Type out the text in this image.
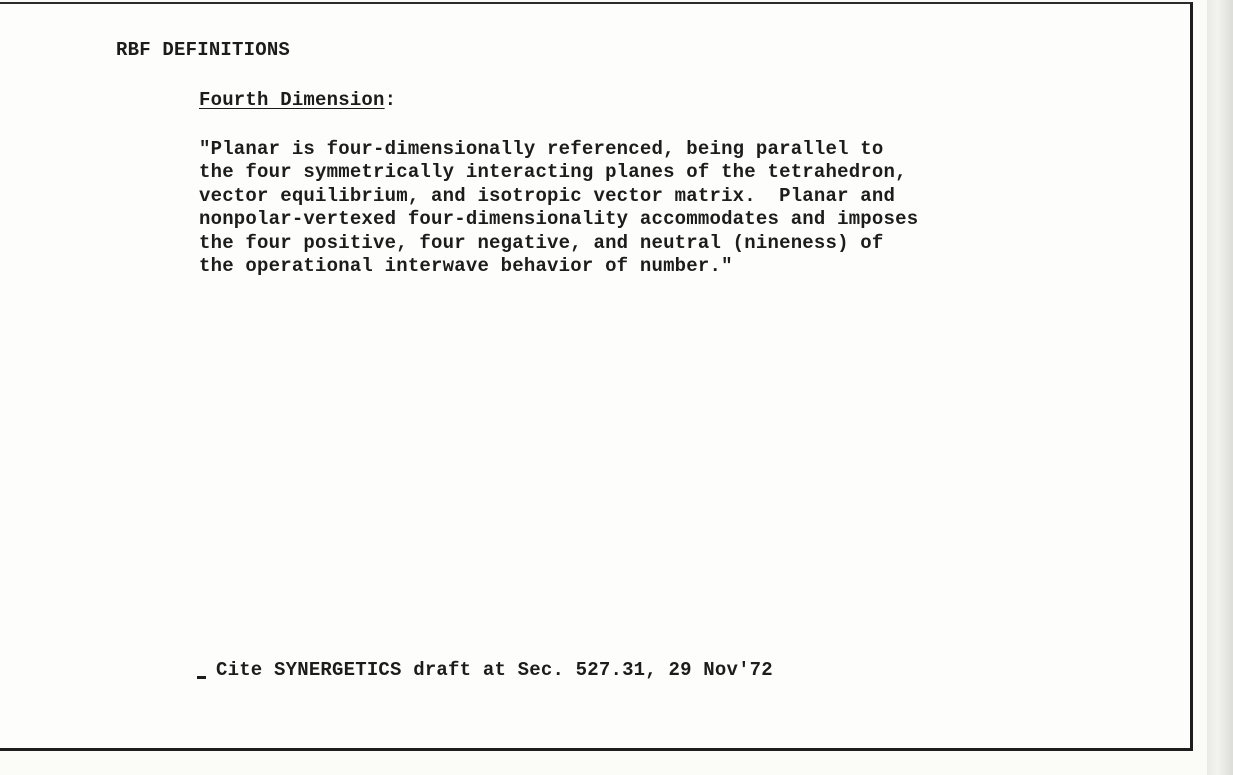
RBF DEFINITIONS
Fourth Dimension:
"Planar is four-dimensionally referenced, being parallel to
the four symmetrically interacting planes of the tetrahedron,
vector equilibrium, and isotropic vector matrix.  Planar and
nonpolar-vertexed four-dimensionality accommodates and imposes
the four positive, four negative, and neutral (nineness) of
the operational interwave behavior of number."
Cite SYNERGETICS draft at Sec. 527.31, 29 Nov'72
